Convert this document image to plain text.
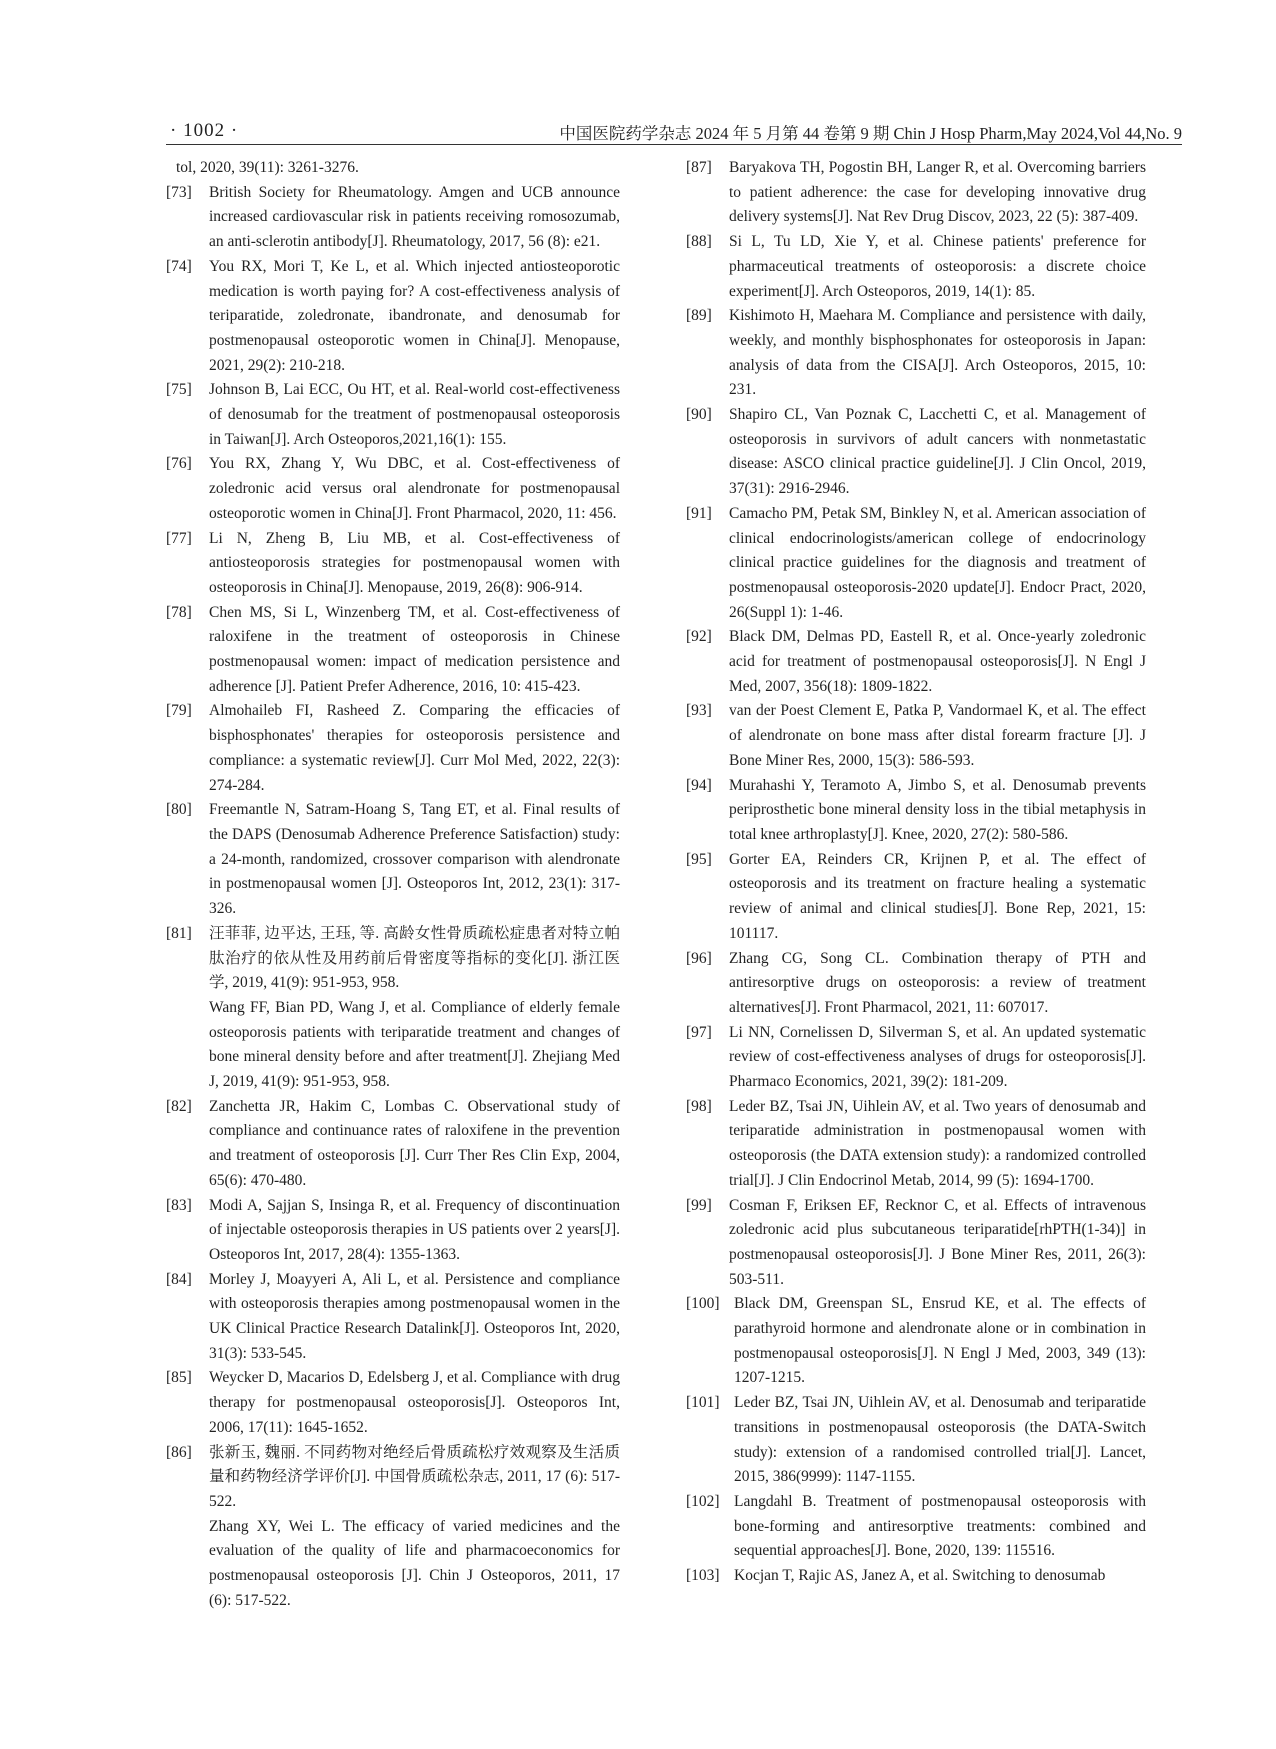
· 1002 ·	中国医院药学杂志 2024 年 5 月第 44 卷第 9 期 Chin J Hosp Pharm,May 2024,Vol 44,No. 9

tol, 2020, 39(11): 3261-3276.

[73] British Society for Rheumatology. Amgen and UCB announce increased cardiovascular risk in patients receiving romosozumab, an anti-sclerotin antibody[J]. Rheumatology, 2017, 56 (8): e21.

[74] You RX, Mori T, Ke L, et al. Which injected antiosteoporotic medication is worth paying for? A cost-effectiveness analysis of teriparatide, zoledronate, ibandronate, and denosumab for postmenopausal osteoporotic women in China[J]. Menopause, 2021, 29(2): 210-218.

[75] Johnson B, Lai ECC, Ou HT, et al. Real-world cost-effectiveness of denosumab for the treatment of postmenopausal osteoporosis in Taiwan[J]. Arch Osteoporos,2021,16(1): 155.

[76] You RX, Zhang Y, Wu DBC, et al. Cost-effectiveness of zoledronic acid versus oral alendronate for postmenopausal osteoporotic women in China[J]. Front Pharmacol, 2020, 11: 456.

[77] Li N, Zheng B, Liu MB, et al. Cost-effectiveness of antiosteoporosis strategies for postmenopausal women with osteoporosis in China[J]. Menopause, 2019, 26(8): 906-914.

[78] Chen MS, Si L, Winzenberg TM, et al. Cost-effectiveness of raloxifene in the treatment of osteoporosis in Chinese postmenopausal women: impact of medication persistence and adherence [J]. Patient Prefer Adherence, 2016, 10: 415-423.

[79] Almohaileb FI, Rasheed Z. Comparing the efficacies of bisphosphonates' therapies for osteoporosis persistence and compliance: a systematic review[J]. Curr Mol Med, 2022, 22(3): 274-284.

[80] Freemantle N, Satram-Hoang S, Tang ET, et al. Final results of the DAPS (Denosumab Adherence Preference Satisfaction) study: a 24-month, randomized, crossover comparison with alendronate in postmenopausal women [J]. Osteoporos Int, 2012, 23(1): 317-326.

[81] 汪菲菲, 边平达, 王珏, 等. 高龄女性骨质疏松症患者对特立帕肽治疗的依从性及用药前后骨密度等指标的变化[J]. 浙江医学, 2019, 41(9): 951-953, 958.

Wang FF, Bian PD, Wang J, et al. Compliance of elderly female osteoporosis patients with teriparatide treatment and changes of bone mineral density before and after treatment[J]. Zhejiang Med J, 2019, 41(9): 951-953, 958.

[82] Zanchetta JR, Hakim C, Lombas C. Observational study of compliance and continuance rates of raloxifene in the prevention and treatment of osteoporosis [J]. Curr Ther Res Clin Exp, 2004, 65(6): 470-480.

[83] Modi A, Sajjan S, Insinga R, et al. Frequency of discontinuation of injectable osteoporosis therapies in US patients over 2 years[J]. Osteoporos Int, 2017, 28(4): 1355-1363.

[84] Morley J, Moayyeri A, Ali L, et al. Persistence and compliance with osteoporosis therapies among postmenopausal women in the UK Clinical Practice Research Datalink[J]. Osteoporos Int, 2020, 31(3): 533-545.

[85] Weycker D, Macarios D, Edelsberg J, et al. Compliance with drug therapy for postmenopausal osteoporosis[J]. Osteoporos Int, 2006, 17(11): 1645-1652.

[86] 张新玉, 魏丽. 不同药物对绝经后骨质疏松疗效观察及生活质量和药物经济学评价[J]. 中国骨质疏松杂志, 2011, 17 (6): 517-522.

Zhang XY, Wei L. The efficacy of varied medicines and the evaluation of the quality of life and pharmacoeconomics for postmenopausal osteoporosis [J]. Chin J Osteoporos, 2011, 17 (6): 517-522.

[87] Baryakova TH, Pogostin BH, Langer R, et al. Overcoming barriers to patient adherence: the case for developing innovative drug delivery systems[J]. Nat Rev Drug Discov, 2023, 22 (5): 387-409.

[88] Si L, Tu LD, Xie Y, et al. Chinese patients' preference for pharmaceutical treatments of osteoporosis: a discrete choice experiment[J]. Arch Osteoporos, 2019, 14(1): 85.

[89] Kishimoto H, Maehara M. Compliance and persistence with daily, weekly, and monthly bisphosphonates for osteoporosis in Japan: analysis of data from the CISA[J]. Arch Osteoporos, 2015, 10: 231.

[90] Shapiro CL, Van Poznak C, Lacchetti C, et al. Management of osteoporosis in survivors of adult cancers with nonmetastatic disease: ASCO clinical practice guideline[J]. J Clin Oncol, 2019, 37(31): 2916-2946.

[91] Camacho PM, Petak SM, Binkley N, et al. American association of clinical endocrinologists/american college of endocrinology clinical practice guidelines for the diagnosis and treatment of postmenopausal osteoporosis-2020 update[J]. Endocr Pract, 2020, 26(Suppl 1): 1-46.

[92] Black DM, Delmas PD, Eastell R, et al. Once-yearly zoledronic acid for treatment of postmenopausal osteoporosis[J]. N Engl J Med, 2007, 356(18): 1809-1822.

[93] van der Poest Clement E, Patka P, Vandormael K, et al. The effect of alendronate on bone mass after distal forearm fracture [J]. J Bone Miner Res, 2000, 15(3): 586-593.

[94] Murahashi Y, Teramoto A, Jimbo S, et al. Denosumab prevents periprosthetic bone mineral density loss in the tibial metaphysis in total knee arthroplasty[J]. Knee, 2020, 27(2): 580-586.

[95] Gorter EA, Reinders CR, Krijnen P, et al. The effect of osteoporosis and its treatment on fracture healing a systematic review of animal and clinical studies[J]. Bone Rep, 2021, 15: 101117.

[96] Zhang CG, Song CL. Combination therapy of PTH and antiresorptive drugs on osteoporosis: a review of treatment alternatives[J]. Front Pharmacol, 2021, 11: 607017.

[97] Li NN, Cornelissen D, Silverman S, et al. An updated systematic review of cost-effectiveness analyses of drugs for osteoporosis[J]. Pharmaco Economics, 2021, 39(2): 181-209.

[98] Leder BZ, Tsai JN, Uihlein AV, et al. Two years of denosumab and teriparatide administration in postmenopausal women with osteoporosis (the DATA extension study): a randomized controlled trial[J]. J Clin Endocrinol Metab, 2014, 99 (5): 1694-1700.

[99] Cosman F, Eriksen EF, Recknor C, et al. Effects of intravenous zoledronic acid plus subcutaneous teriparatide[rhPTH(1-34)] in postmenopausal osteoporosis[J]. J Bone Miner Res, 2011, 26(3): 503-511.

[100] Black DM, Greenspan SL, Ensrud KE, et al. The effects of parathyroid hormone and alendronate alone or in combination in postmenopausal osteoporosis[J]. N Engl J Med, 2003, 349 (13): 1207-1215.

[101] Leder BZ, Tsai JN, Uihlein AV, et al. Denosumab and teriparatide transitions in postmenopausal osteoporosis (the DATA-Switch study): extension of a randomised controlled trial[J]. Lancet, 2015, 386(9999): 1147-1155.

[102] Langdahl B. Treatment of postmenopausal osteoporosis with bone-forming and antiresorptive treatments: combined and sequential approaches[J]. Bone, 2020, 139: 115516.

[103] Kocjan T, Rajic AS, Janez A, et al. Switching to denosumab
